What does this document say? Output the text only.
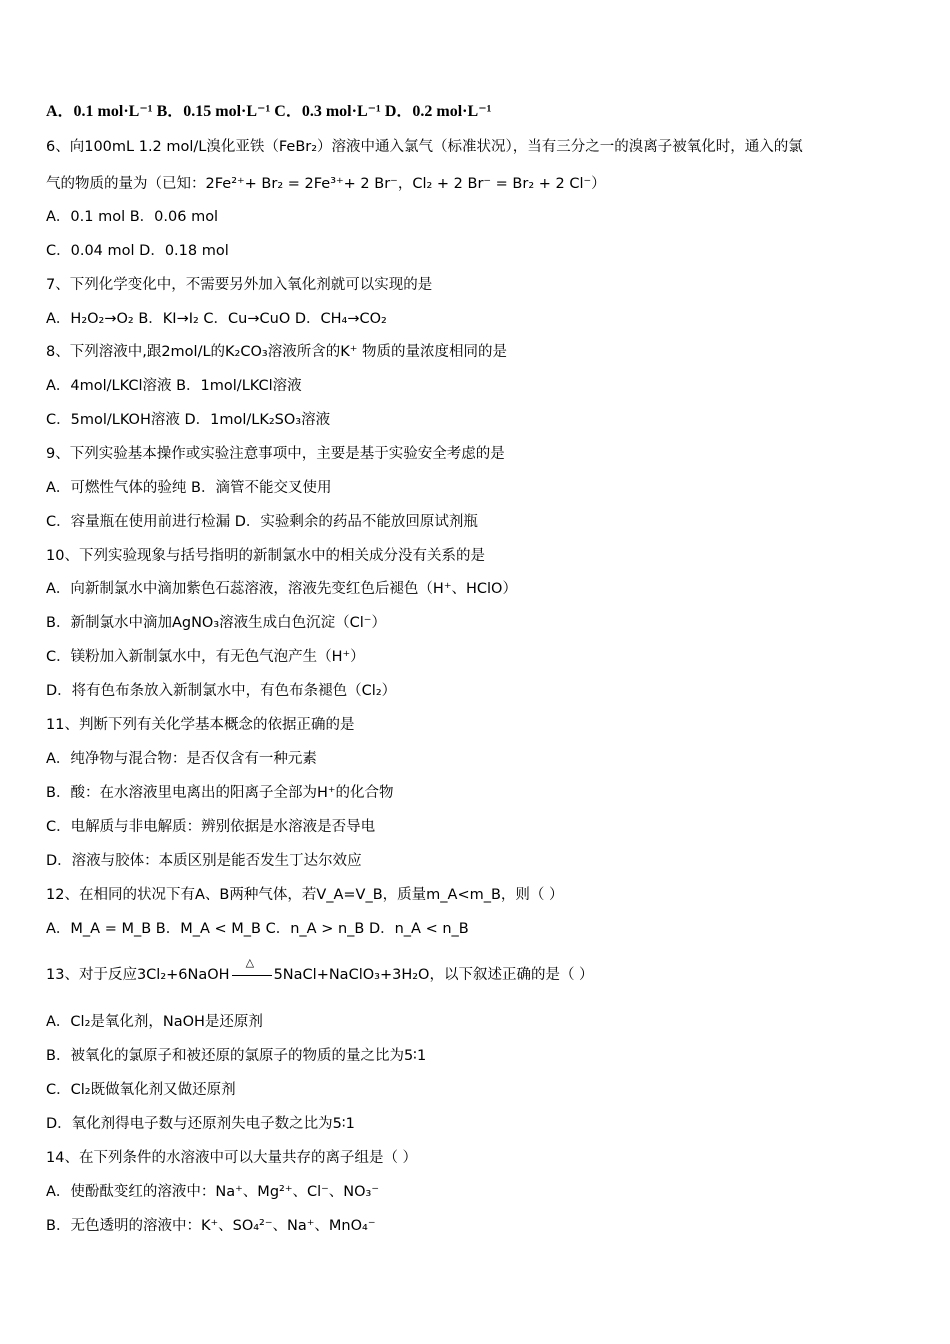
A．0.1 mol·L⁻¹ B．0.15 mol·L⁻¹ C．0.3 mol·L⁻¹ D．0.2 mol·L⁻¹
6、向100mL 1.2 mol/L溴化亚铁（FeBr₂）溶液中通入氯气（标准状况），当有三分之一的溴离子被氧化时，通入的氯
气的物质的量为（已知：2Fe²⁺+ Br₂ = 2Fe³⁺+ 2 Br⁻，Cl₂ + 2 Br⁻ = Br₂ + 2 Cl⁻）
A．0.1 mol B．0.06 mol
C．0.04 mol D．0.18 mol
7、下列化学变化中，不需要另外加入氧化剂就可以实现的是
A．H₂O₂→O₂ B．KI→I₂ C．Cu→CuO D．CH₄→CO₂
8、下列溶液中,跟2mol/L的K₂CO₃溶液所含的K⁺ 物质的量浓度相同的是
A．4mol/LKCl溶液 B．1mol/LKCl溶液
C．5mol/LKOH溶液 D．1mol/LK₂SO₃溶液
9、下列实验基本操作或实验注意事项中，主要是基于实验安全考虑的是
A．可燃性气体的验纯 B．滴管不能交叉使用
C．容量瓶在使用前进行检漏 D．实验剩余的药品不能放回原试剂瓶
10、下列实验现象与括号指明的新制氯水中的相关成分没有关系的是
A．向新制氯水中滴加紫色石蕊溶液，溶液先变红色后褪色（H⁺、HClO）
B．新制氯水中滴加AgNO₃溶液生成白色沉淀（Cl⁻）
C．镁粉加入新制氯水中，有无色气泡产生（H⁺）
D．将有色布条放入新制氯水中，有色布条褪色（Cl₂）
11、判断下列有关化学基本概念的依据正确的是
A．纯净物与混合物：是否仅含有一种元素
B．酸：在水溶液里电离出的阳离子全部为H⁺的化合物
C．电解质与非电解质：辨别依据是水溶液是否导电
D．溶液与胶体：本质区别是能否发生丁达尔效应
12、在相同的状况下有A、B两种气体，若V_A=V_B，质量m_A<m_B，则（ ）
A．M_A = M_B B．M_A < M_B C．n_A > n_B D．n_A < n_B
13、对于反应3Cl₂+6NaOH
△
5NaCl+NaClO₃+3H₂O，以下叙述正确的是（ ）
A．Cl₂是氧化剂，NaOH是还原剂
B．被氧化的氯原子和被还原的氯原子的物质的量之比为5∶1
C．Cl₂既做氧化剂又做还原剂
D．氧化剂得电子数与还原剂失电子数之比为5∶1
14、在下列条件的水溶液中可以大量共存的离子组是（ ）
A．使酚酞变红的溶液中：Na⁺、Mg²⁺、Cl⁻、NO₃⁻
B．无色透明的溶液中：K⁺、SO₄²⁻、Na⁺、MnO₄⁻
